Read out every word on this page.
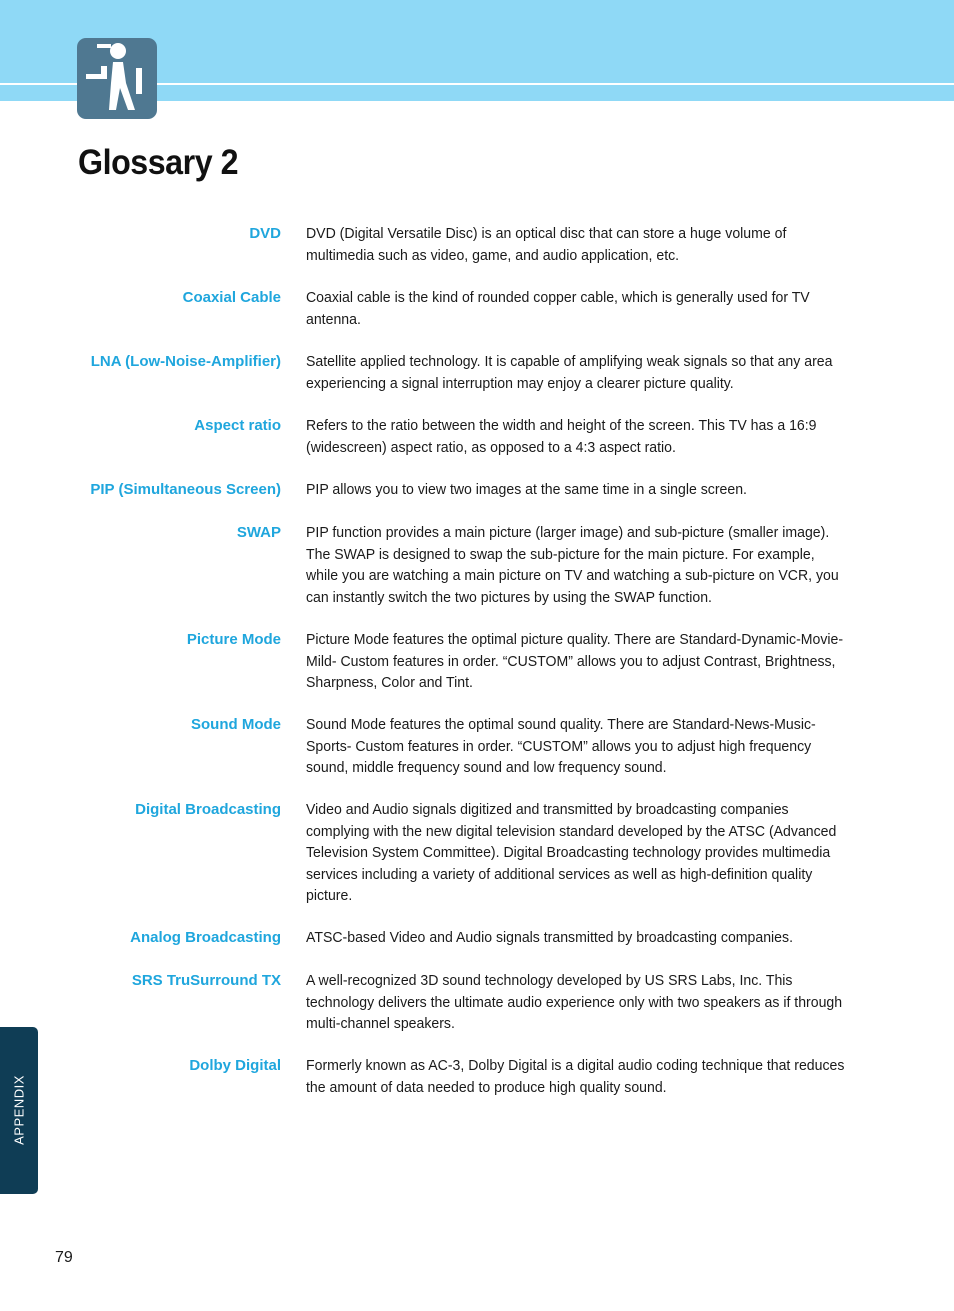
Glossary 2
DVD DVD (Digital Versatile Disc) is an optical disc that can store a huge volume of multimedia such as video, game, and audio application, etc.
Coaxial Cable Coaxial cable is the kind of rounded copper cable, which is generally used for TV antenna.
LNA (Low-Noise-Amplifier) Satellite applied technology. It is capable of amplifying weak signals so that any area experiencing a signal interruption may enjoy a clearer picture quality.
Aspect ratio Refers to the ratio between the width and height of the screen. This TV has a 16:9 (widescreen) aspect ratio, as opposed to a 4:3 aspect ratio.
PIP (Simultaneous Screen) PIP allows you to view two images at the same time in a single screen.
SWAP PIP function provides a main picture (larger image) and sub-picture (smaller image). The SWAP is designed to swap the sub-picture for the main picture. For example, while you are watching a main picture on TV and watching a sub-picture on VCR, you can instantly switch the two pictures by using the SWAP function.
Picture Mode Picture Mode features the optimal picture quality. There are Standard-Dynamic-Movie-Mild- Custom features in order. “CUSTOM” allows you to adjust Contrast, Brightness, Sharpness, Color and Tint.
Sound Mode Sound Mode features the optimal sound quality. There are Standard-News-Music-Sports- Custom features in order. “CUSTOM” allows you to adjust high frequency sound, middle frequency sound and low frequency sound.
Digital Broadcasting Video and Audio signals digitized and transmitted by broadcasting companies complying with the new digital television standard developed by the ATSC (Advanced Television System Committee). Digital Broadcasting technology provides multimedia services including a variety of additional services as well as high-definition quality picture.
Analog Broadcasting ATSC-based Video and Audio signals transmitted by broadcasting companies.
SRS TruSurround TX A well-recognized 3D sound technology developed by US SRS Labs, Inc. This technology delivers the ultimate audio experience only with two speakers as if through multi-channel speakers.
Dolby Digital Formerly known as AC-3, Dolby Digital is a digital audio coding technique that reduces the amount of data needed to produce high quality sound.
APPENDIX
79
